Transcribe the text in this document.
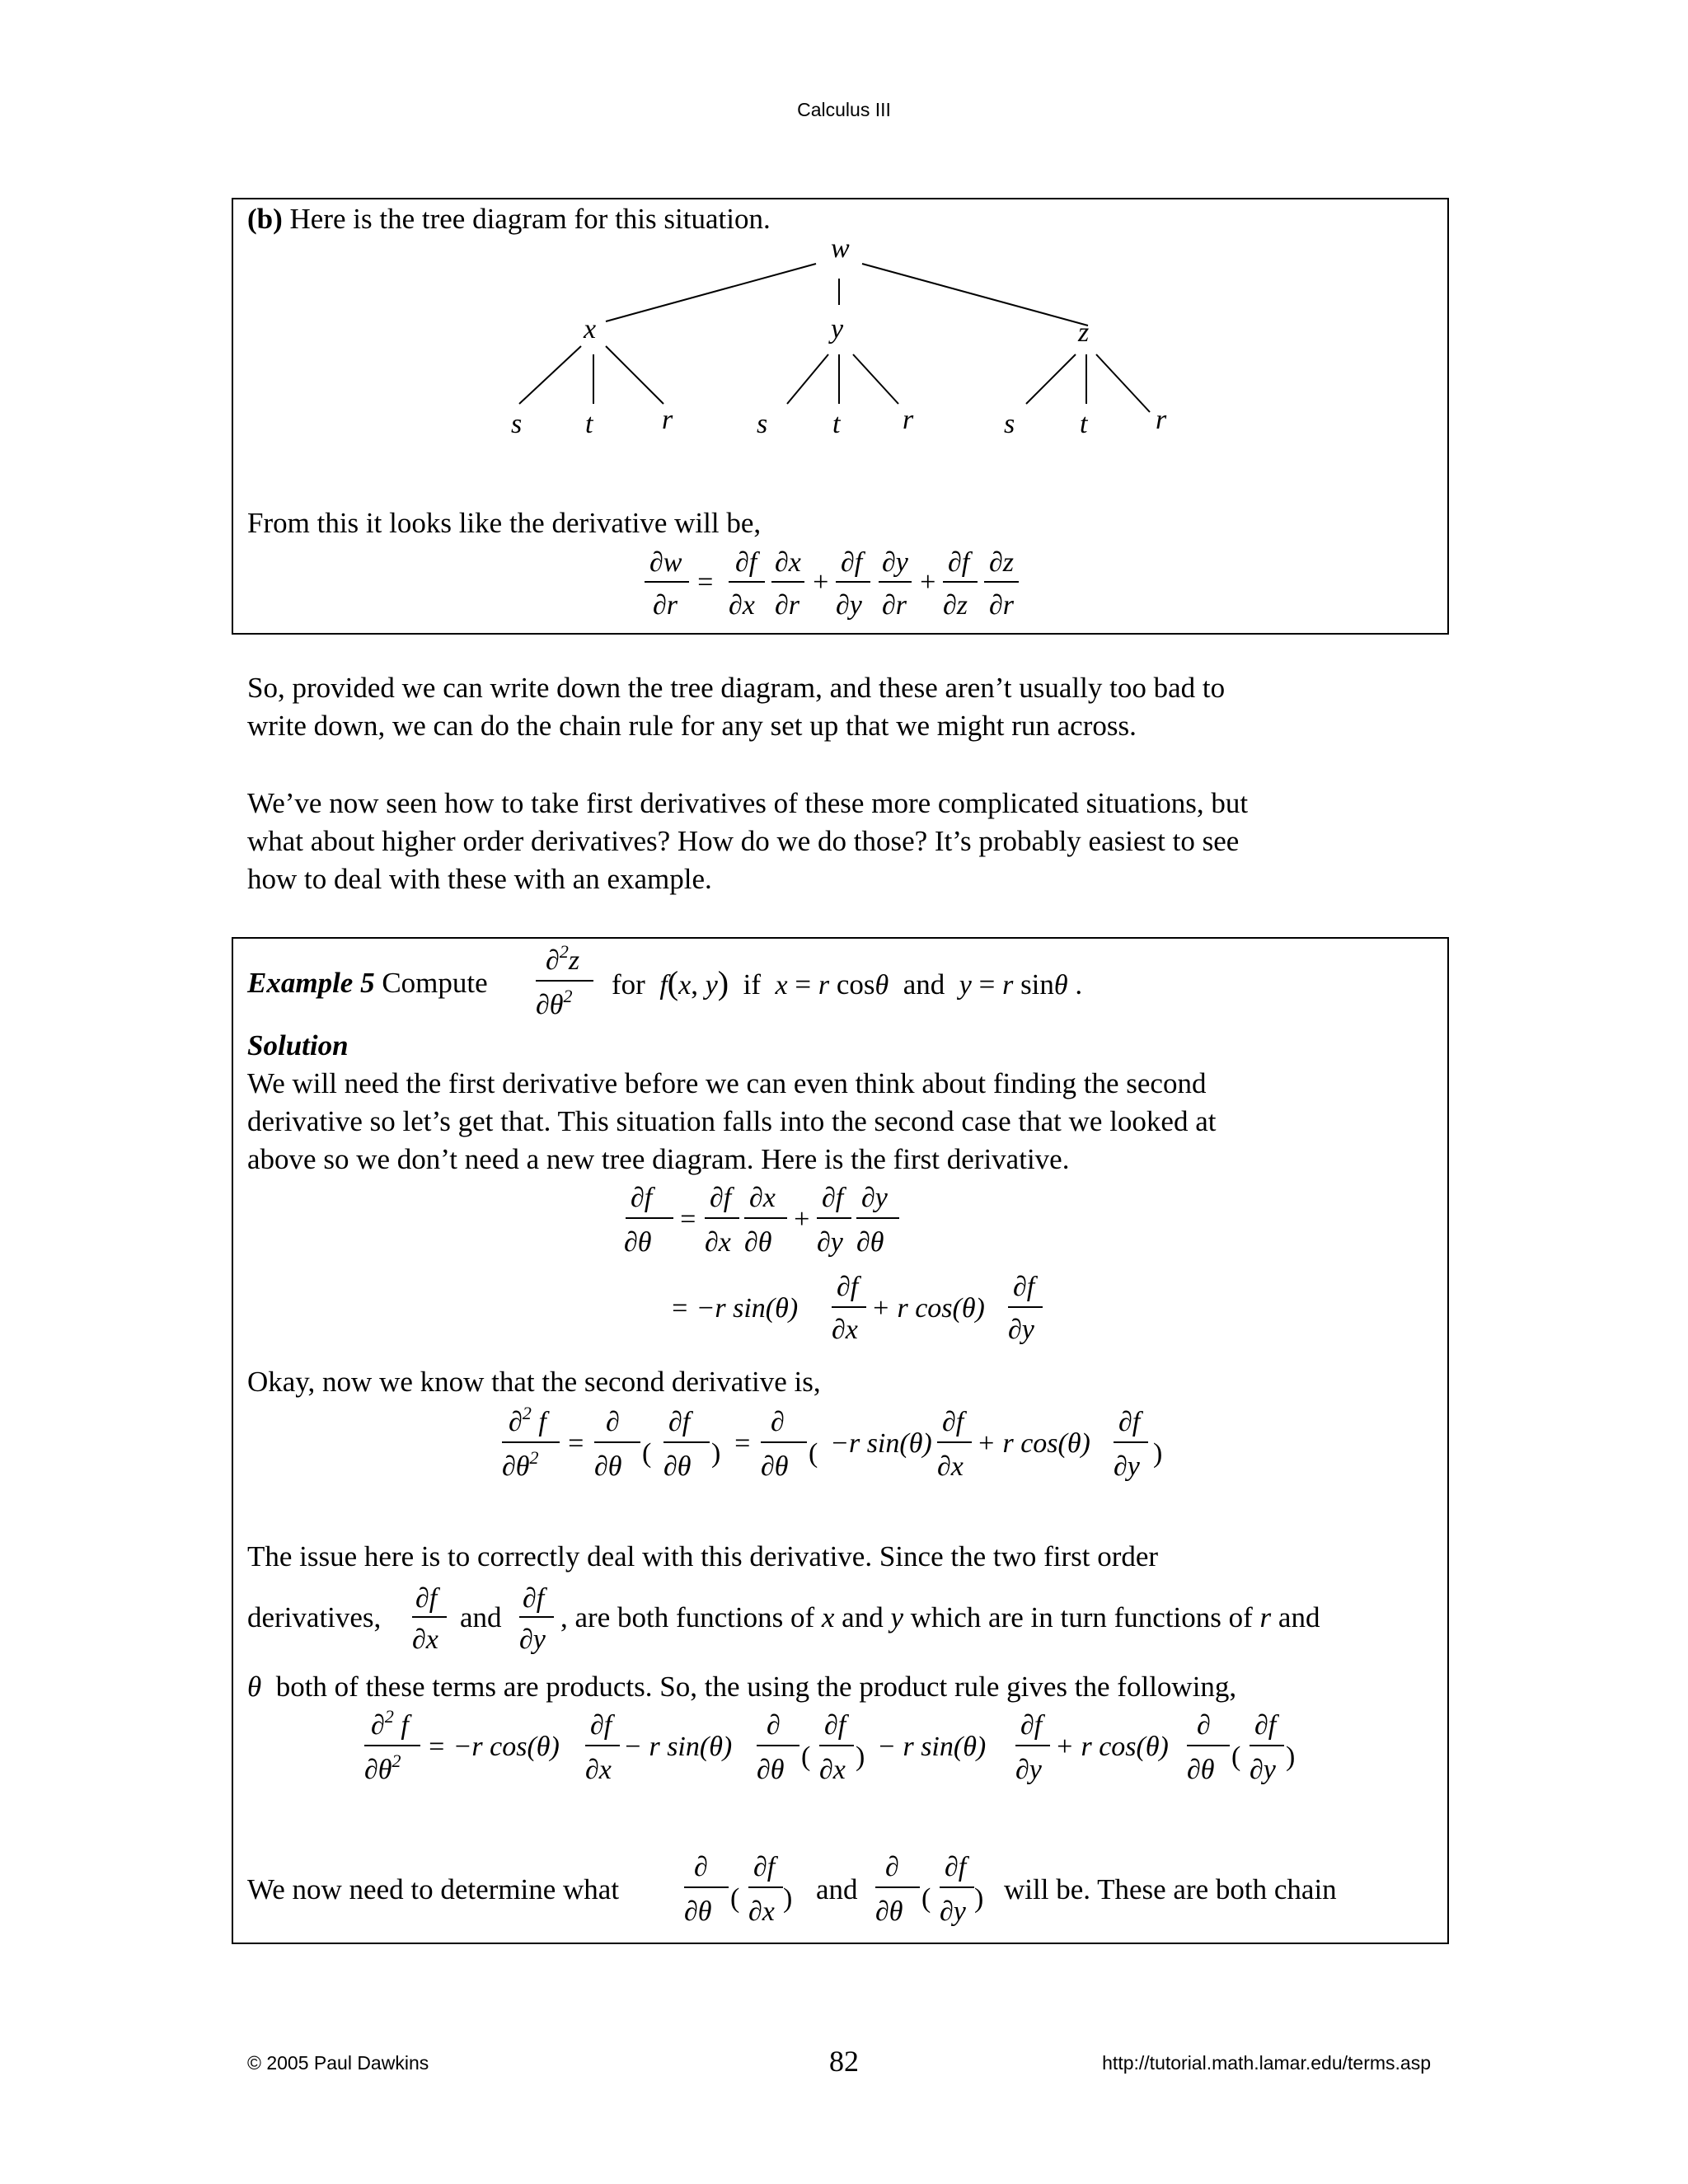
Calculus III
(b) Here is the tree diagram for this situation.
w
x	y	z
s t r	s t r	s t r
From this it looks like the derivative will be,
∂w
∂r
=
∂f
∂x
∂x
∂r
+
∂f
∂y
∂y
∂r
+
∂f
∂z
∂z
∂r
So, provided we can write down the tree diagram, and these aren’t usually too bad to
write down, we can do the chain rule for any set up that we might run across.
We’ve now seen how to take first derivatives of these more complicated situations, but
what about higher order derivatives? How do we do those? It’s probably easiest to see
how to deal with these with an example.
Example 5 Compute
∂$^2$z
$\partial\theta^2$ for f(x, y) if x = r cosθ and y = r sinθ .
Solution
We will need the first derivative before we can even think about finding the second
derivative so let’s get that. This situation falls into the second case that we looked at
above so we don’t need a new tree diagram. Here is the first derivative.
∂f
∂θ
=
∂f
∂x
∂x
∂θ
+
∂f
∂y
∂y
∂θ
= −r sin(θ)
∂f
∂x
+ r cos(θ)
∂f
∂y
Okay, now we know that the second derivative is,
∂$^2$ f
$\partial\theta^2$ =
∂
∂θ (
∂f
∂θ ) =
∂
∂θ ( −r sin(θ)
∂f
∂x
+ r cos(θ)
∂f
∂y )
The issue here is to correctly deal with this derivative. Since the two first order
derivatives,
∂f
∂x
and
∂f
∂y
, are both functions of x and y which are in turn functions of r and
θ both of these terms are products. So, the using the product rule gives the following,
∂$^2$ f
$\partial\theta^2 = -r$ cos(θ)
∂f
∂x
− r sin(θ)
∂
∂θ (
∂f
∂x ) − r sin(θ)
∂f
∂y
+ r cos(θ)
∂
∂θ (
∂f
∂y )
We now need to determine what
∂
∂θ (
∂f
∂x ) and
∂
∂θ (
∂f
∂y ) will be. These are both chain
© 2005 Paul Dawkins	82	http://tutorial.math.lamar.edu/terms.asp
